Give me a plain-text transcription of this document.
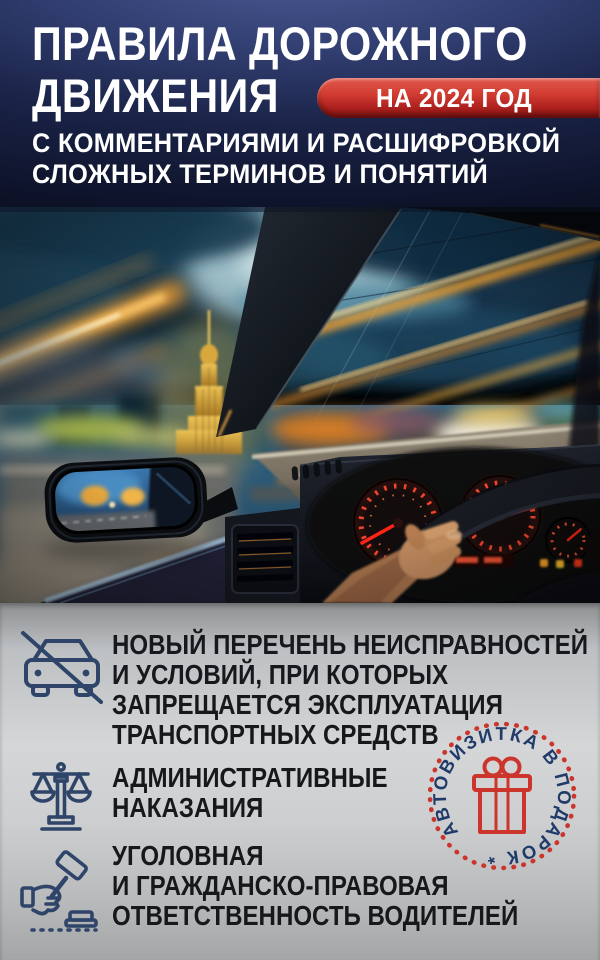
ПРАВИЛА ДОРОЖНОГО
ДВИЖЕНИЯ	НА 2024 ГОД
С КОММЕНТАРИЯМИ И РАСШИФРОВКОЙ
СЛОЖНЫХ ТЕРМИНОВ И ПОНЯТИЙ
НОВЫЙ ПЕРЕЧЕНЬ НЕИСПРАВНОСТЕЙ
И УСЛОВИЙ, ПРИ КОТОРЫХ
ЗАПРЕЩАЕТСЯ ЭКСПЛУАТАЦИЯ
ТРАНСПОРТНЫХ СРЕДСТВ
АДМИНИСТРАТИВНЫЕ
НАКАЗАНИЯ
УГОЛОВНАЯ
И ГРАЖДАНСКО-ПРАВОВАЯ
ОТВЕТСТВЕННОСТЬ ВОДИТЕЛЕЙ
АВТОВИЗИТКА В ПОДАРОК *
